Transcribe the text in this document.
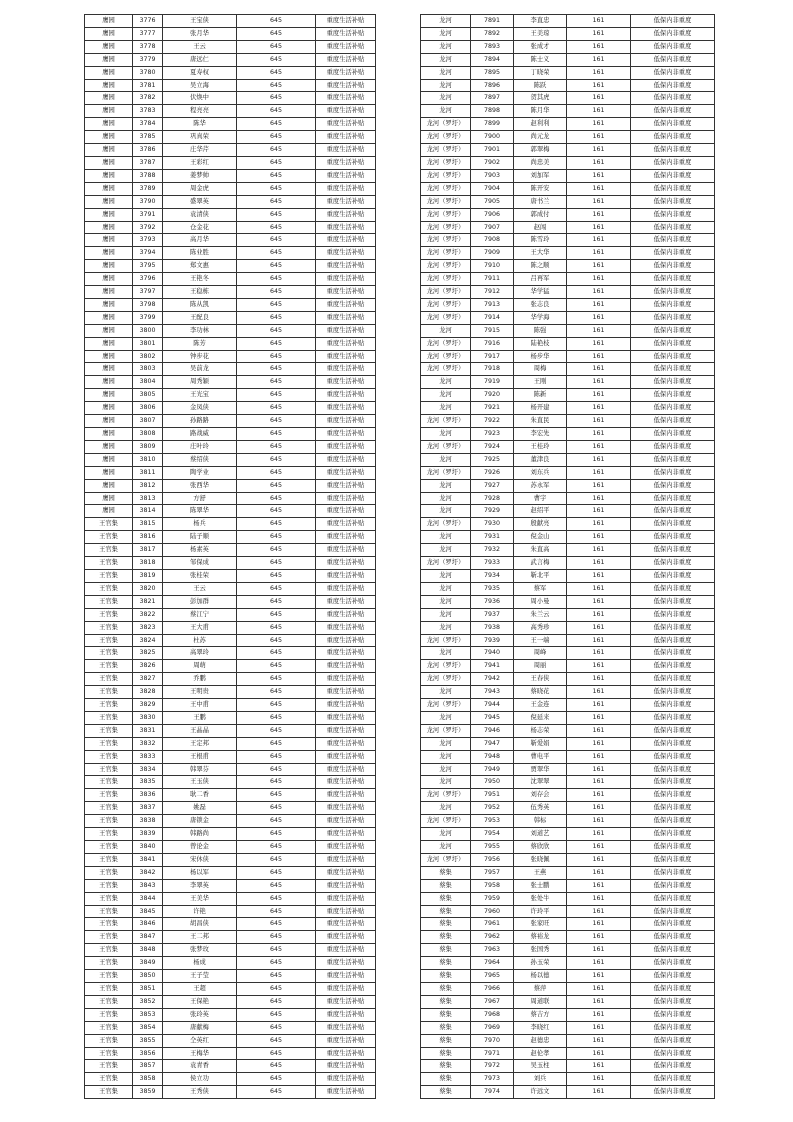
鹰园	3776	王宝侠	645	重度生活补贴
鹰园	3777	张月华	645	重度生活补贴
鹰园	3778	王云	645	重度生活补贴
鹰园	3779	唐远仁	645	重度生活补贴
鹰园	3780	夏寿权	645	重度生活补贴
鹰园	3781	吴立海	645	重度生活补贴
鹰园	3782	伏焕中	645	重度生活补贴
鹰园	3783	程亮亮	645	重度生活补贴
鹰园	3784	陈华	645	重度生活补贴
鹰园	3785	巩真荣	645	重度生活补贴
鹰园	3786	庄华芹	645	重度生活补贴
鹰园	3787	王彩红	645	重度生活补贴
鹰园	3788	姜梦帅	645	重度生活补贴
鹰园	3789	周金虎	645	重度生活补贴
鹰园	3790	盛翠英	645	重度生活补贴
鹰园	3791	袁清侠	645	重度生活补贴
鹰园	3792	仓金花	645	重度生活补贴
鹰园	3793	高月华	645	重度生活补贴
鹰园	3794	陈业胜	645	重度生活补贴
鹰园	3795	郑文惠	645	重度生活补贴
鹰园	3796	王艳冬	645	重度生活补贴
鹰园	3797	王稳栋	645	重度生活补贴
鹰园	3798	陈从凯	645	重度生活补贴
鹰园	3799	王配良	645	重度生活补贴
鹰园	3800	李功林	645	重度生活补贴
鹰园	3801	陈芳	645	重度生活补贴
鹰园	3802	钟步花	645	重度生活补贴
鹰园	3803	吴前龙	645	重度生活补贴
鹰园	3804	周秀颖	645	重度生活补贴
鹰园	3805	王光宝	645	重度生活补贴
鹰园	3806	金凤侠	645	重度生活补贴
鹰园	3807	孙路路	645	重度生活补贴
鹰园	3808	路战威	645	重度生活补贴
鹰园	3809	庄叶玲	645	重度生活补贴
鹰园	3810	蔡绍侠	645	重度生活补贴
鹰园	3811	陶学业	645	重度生活补贴
鹰园	3812	张西华	645	重度生活补贴
鹰园	3813	方舒	645	重度生活补贴
鹰园	3814	陈翠华	645	重度生活补贴
王官集	3815	杨兵	645	重度生活补贴
王官集	3816	陆子顺	645	重度生活补贴
王官集	3817	杨素英	645	重度生活补贴
王官集	3818	邹保成	645	重度生活补贴
王官集	3819	张桂荣	645	重度生活补贴
王官集	3820	王云	645	重度生活补贴
王官集	3821	彭加群	645	重度生活补贴
王官集	3822	蔡江宁	645	重度生活补贴
王官集	3823	王大甫	645	重度生活补贴
王官集	3824	杜苏	645	重度生活补贴
王官集	3825	高翠玲	645	重度生活补贴
王官集	3826	周萌	645	重度生活补贴
王官集	3827	乔鹏	645	重度生活补贴
王官集	3828	王明贵	645	重度生活补贴
王官集	3829	王中甫	645	重度生活补贴
王官集	3830	王鹏	645	重度生活补贴
王官集	3831	王晶晶	645	重度生活补贴
王官集	3832	王定邦	645	重度生活补贴
王官集	3833	王根甫	645	重度生活补贴
王官集	3834	韩翠芬	645	重度生活补贴
王官集	3835	王玉侠	645	重度生活补贴
王官集	3836	耿二香	645	重度生活补贴
王官集	3837	姚磊	645	重度生活补贴
王官集	3838	唐锁金	645	重度生活补贴
王官集	3839	韩路尚	645	重度生活补贴
王官集	3840	曾论金	645	重度生活补贴
王官集	3841	宋休侠	645	重度生活补贴
王官集	3842	杨以军	645	重度生活补贴
王官集	3843	李翠英	645	重度生活补贴
王官集	3844	王美华	645	重度生活补贴
王官集	3845	许艳	645	重度生活补贴
王官集	3846	胡昌侠	645	重度生活补贴
王官集	3847	王二邦	645	重度生活补贴
王官集	3848	张梦玫	645	重度生活补贴
王官集	3849	杨成	645	重度生活补贴
王官集	3850	王子莹	645	重度生活补贴
王官集	3851	王超	645	重度生活补贴
王官集	3852	王保艳	645	重度生活补贴
王官集	3853	张玲英	645	重度生活补贴
王官集	3854	唐献梅	645	重度生活补贴
王官集	3855	仝英红	645	重度生活补贴
王官集	3856	王梅华	645	重度生活补贴
王官集	3857	袁青香	645	重度生活补贴
王官集	3858	侯立功	645	重度生活补贴
王官集	3859	王秀侠	645	重度生活补贴
龙河	7891	李直忠	161	低保内非重度
龙河	7892	王美琼	161	低保内非重度
龙河	7893	张成才	161	低保内非重度
龙河	7894	陈士义	161	低保内非重度
龙河	7895	丁晓荣	161	低保内非重度
龙河	7896	陈跃	161	低保内非重度
龙河	7897	贺其虎	161	低保内非重度
龙河	7898	陈月华	161	低保内非重度
龙河（罗圩）	7899	赵利利	161	低保内非重度
龙河（罗圩）	7900	尚元龙	161	低保内非重度
龙河（罗圩）	7901	郭翠梅	161	低保内非重度
龙河（罗圩）	7902	尚忠美	161	低保内非重度
龙河（罗圩）	7903	刘加军	161	低保内非重度
龙河（罗圩）	7904	陈开安	161	低保内非重度
龙河（罗圩）	7905	唐书兰	161	低保内非重度
龙河（罗圩）	7906	郭成付	161	低保内非重度
龙河（罗圩）	7907	赵闯	161	低保内非重度
龙河（罗圩）	7908	陈雪玲	161	低保内非重度
龙河（罗圩）	7909	王大华	161	低保内非重度
龙河（罗圩）	7910	陈之顺	161	低保内非重度
龙河（罗圩）	7911	吕再军	161	低保内非重度
龙河（罗圩）	7912	华学猛	161	低保内非重度
龙河（罗圩）	7913	张志良	161	低保内非重度
龙河（罗圩）	7914	华学海	161	低保内非重度
龙河	7915	陈强	161	低保内非重度
龙河（罗圩）	7916	陆艳枝	161	低保内非重度
龙河（罗圩）	7917	杨步华	161	低保内非重度
龙河（罗圩）	7918	周梅	161	低保内非重度
龙河	7919	王刚	161	低保内非重度
龙河	7920	陈新	161	低保内非重度
龙河	7921	杨开建	161	低保内非重度
龙河（罗圩）	7922	朱直民	161	低保内非重度
龙河	7923	李宏先	161	低保内非重度
龙河（罗圩）	7924	王桂玲	161	低保内非重度
龙河	7925	董津良	161	低保内非重度
龙河（罗圩）	7926	刘东兵	161	低保内非重度
龙河	7927	苏永军	161	低保内非重度
龙河	7928	曹宇	161	低保内非重度
龙河	7929	赵绍平	161	低保内非重度
龙河（罗圩）	7930	殷献亮	161	低保内非重度
龙河	7931	倪金山	161	低保内非重度
龙河	7932	朱直高	161	低保内非重度
龙河（罗圩）	7933	武言梅	161	低保内非重度
龙河	7934	靳北平	161	低保内非重度
龙河	7935	蔡军	161	低保内非重度
龙河	7936	周小曼	161	低保内非重度
龙河	7937	朱兰云	161	低保内非重度
龙河	7938	高秀珍	161	低保内非重度
龙河（罗圩）	7939	王一端	161	低保内非重度
龙河	7940	周峰	161	低保内非重度
龙河（罗圩）	7941	周丽	161	低保内非重度
龙河（罗圩）	7942	王春侠	161	低保内非重度
龙河	7943	蔡晓花	161	低保内非重度
龙河（罗圩）	7944	王金连	161	低保内非重度
龙河	7945	倪延来	161	低保内非重度
龙河（罗圩）	7946	杨志荣	161	低保内非重度
龙河	7947	靳爱娟	161	低保内非重度
龙河	7948	曹电平	161	低保内非重度
龙河	7949	贾翠华	161	低保内非重度
龙河	7950	沈翠翠	161	低保内非重度
龙河（罗圩）	7951	刘存会	161	低保内非重度
龙河	7952	伍秀英	161	低保内非重度
龙河（罗圩）	7953	韩标	161	低保内非重度
龙河	7954	刘道艺	161	低保内非重度
龙河	7955	蔡欣欣	161	低保内非重度
龙河（罗圩）	7956	张晓佩	161	低保内非重度
蔡集	7957	王燕	161	低保内非重度
蔡集	7958	张士鹏	161	低保内非重度
蔡集	7959	张处牛	161	低保内非重度
蔡集	7960	许玲平	161	低保内非重度
蔡集	7961	张家旺	161	低保内非重度
蔡集	7962	蔡裕龙	161	低保内非重度
蔡集	7963	张国秀	161	低保内非重度
蔡集	7964	孙玉荣	161	低保内非重度
蔡集	7965	杨以德	161	低保内非重度
蔡集	7966	蔡萍	161	低保内非重度
蔡集	7967	周道联	161	低保内非重度
蔡集	7968	蔡吉方	161	低保内非重度
蔡集	7969	李晓红	161	低保内非重度
蔡集	7970	赵德忠	161	低保内非重度
蔡集	7971	赵伦孝	161	低保内非重度
蔡集	7972	吴玉柱	161	低保内非重度
蔡集	7973	刘兵	161	低保内非重度
蔡集	7974	许远文	161	低保内非重度
